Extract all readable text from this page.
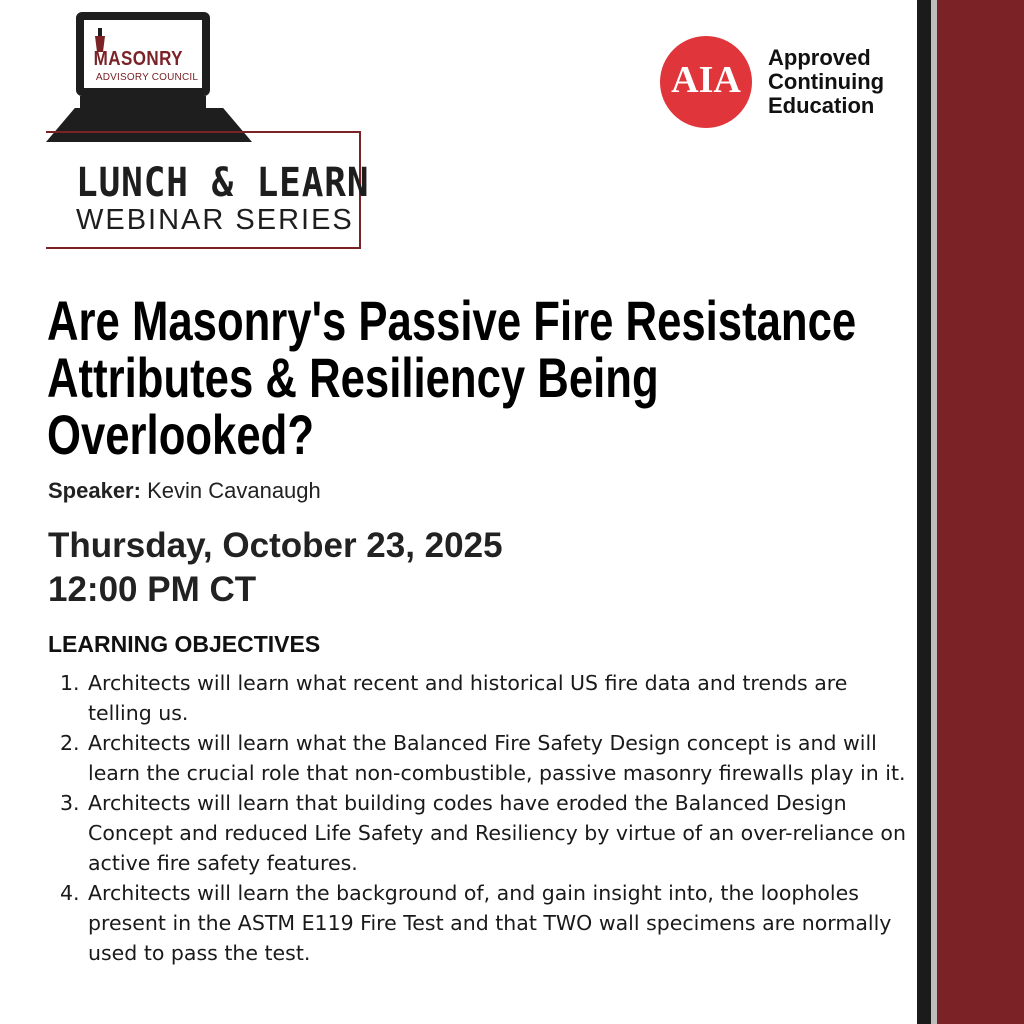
MASONRY
ADVISORY COUNCIL
LUNCH & LEARN
WEBINAR SERIES
AIA
Approved
Continuing
Education
Are Masonry's Passive Fire Resistance
Attributes & Resiliency Being
Overlooked?
Speaker: Kevin Cavanaugh
Thursday, October 23, 2025
12:00 PM CT
LEARNING OBJECTIVES
1. Architects will learn what recent and historical US fire data and trends are telling us.
2. Architects will learn what the Balanced Fire Safety Design concept is and will learn the crucial role that non-combustible, passive masonry firewalls play in it.
3. Architects will learn that building codes have eroded the Balanced Design Concept and reduced Life Safety and Resiliency by virtue of an over-reliance on active fire safety features.
4. Architects will learn the background of, and gain insight into, the loopholes present in the ASTM E119 Fire Test and that TWO wall specimens are normally used to pass the test.
